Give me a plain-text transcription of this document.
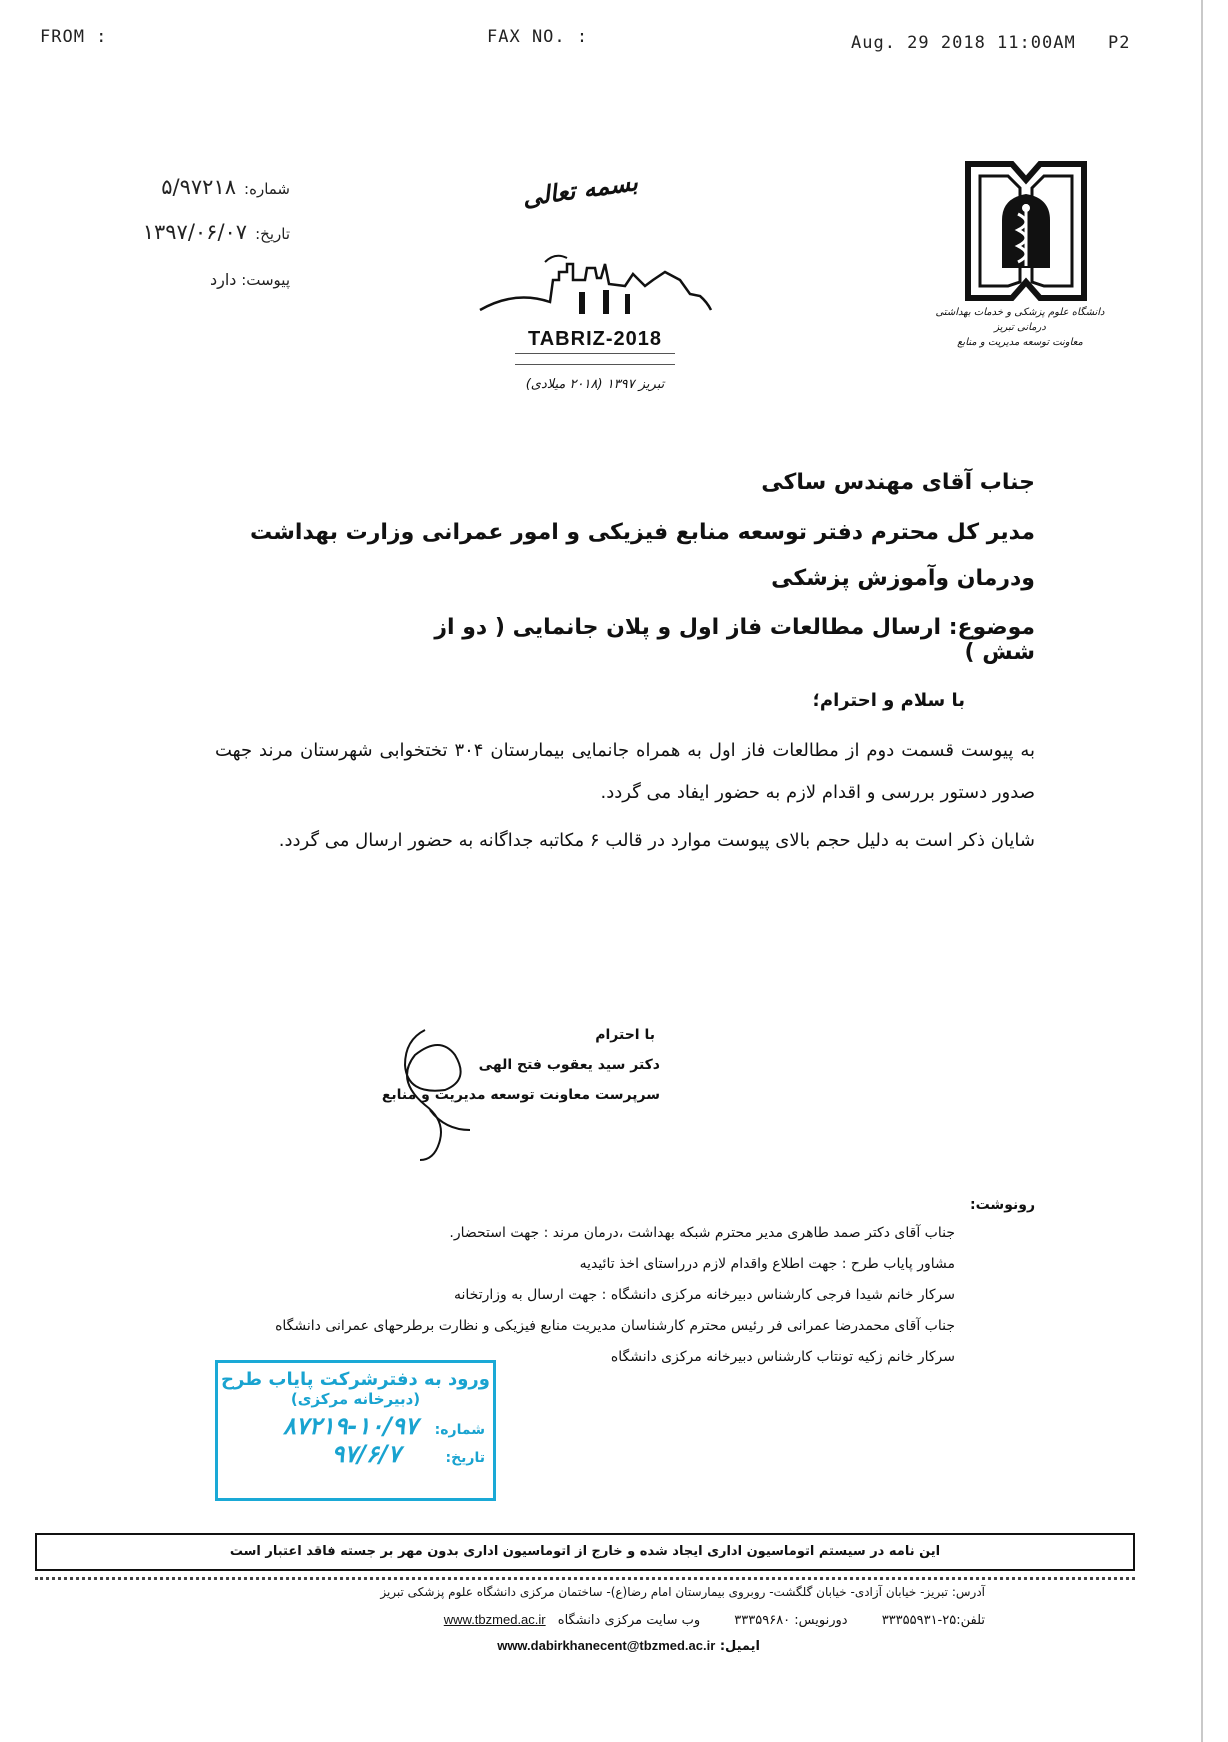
FROM :	FAX NO. :	Aug. 29 2018 11:00AM P2
شماره:۵/۹۷۲۱۸
تاریخ:۱۳۹۷/۰۶/۰۷
پیوست: دارد
بسمه تعالی
TABRIZ-2018
تبریز ۱۳۹۷ (۲۰۱۸ میلادی)
دانشگاه علوم پزشکی و خدمات بهداشتی درمانی تبریز
معاونت توسعه مدیریت و منابع
جناب آقای مهندس ساکی
مدیر کل محترم دفتر توسعه منابع فیزیکی و امور عمرانی وزارت بهداشت ودرمان وآموزش پزشکی
موضوع: ارسال مطالعات فاز اول و پلان جانمایی ( دو از شش )
با سلام و احترام؛
به پیوست قسمت دوم از مطالعات فاز اول به همراه جانمایی بیمارستان ۳۰۴ تختخوابی شهرستان مرند جهت صدور دستور بررسی و اقدام لازم به حضور ایفاد می گردد.
شایان ذکر است به دلیل حجم بالای پیوست موارد در قالب ۶ مکاتبه جداگانه به حضور ارسال می گردد.
با احترام
دکتر سید یعقوب فتح الهی
سرپرست معاونت توسعه مدیریت و منابع
رونوشت:
جناب آقای دکتر صمد طاهری مدیر محترم شبکه بهداشت ،درمان مرند : جهت استحضار.
مشاور پایاب طرح : جهت اطلاع واقدام لازم درراستای اخذ تائیدیه
سرکار خانم شیدا فرجی کارشناس دبیرخانه مرکزی دانشگاه : جهت ارسال به وزارتخانه
جناب آقای محمدرضا عمرانی فر رئیس محترم کارشناسان مدیریت منابع فیزیکی و نظارت برطرحهای عمرانی دانشگاه
سرکار خانم زکیه تونتاب کارشناس دبیرخانه مرکزی دانشگاه
ورود به دفترشرکت پایاب طرح
(دبیرخانه مرکزی)
شماره: ۱۰/۹۷-۸۷۲۱۹
تاریخ: ۹۷/۶/۷
این نامه در سیستم اتوماسیون اداری ایجاد شده و خارج از اتوماسیون اداری بدون مهر بر جسته فاقد اعتبار است
آدرس: تبریز- خیابان آزادی- خیابان گلگشت- روبروی بیمارستان امام رضا(ع)- ساختمان مرکزی دانشگاه علوم پزشکی تبریز
تلفن:۲۵-۳۳۳۵۵۹۳۱ دورنویس: ۳۳۳۵۹۶۸۰ وب سایت مرکزی دانشگاه www.tbzmed.ac.ir
ایمیل: www.dabirkhanecent@tbzmed.ac.ir
